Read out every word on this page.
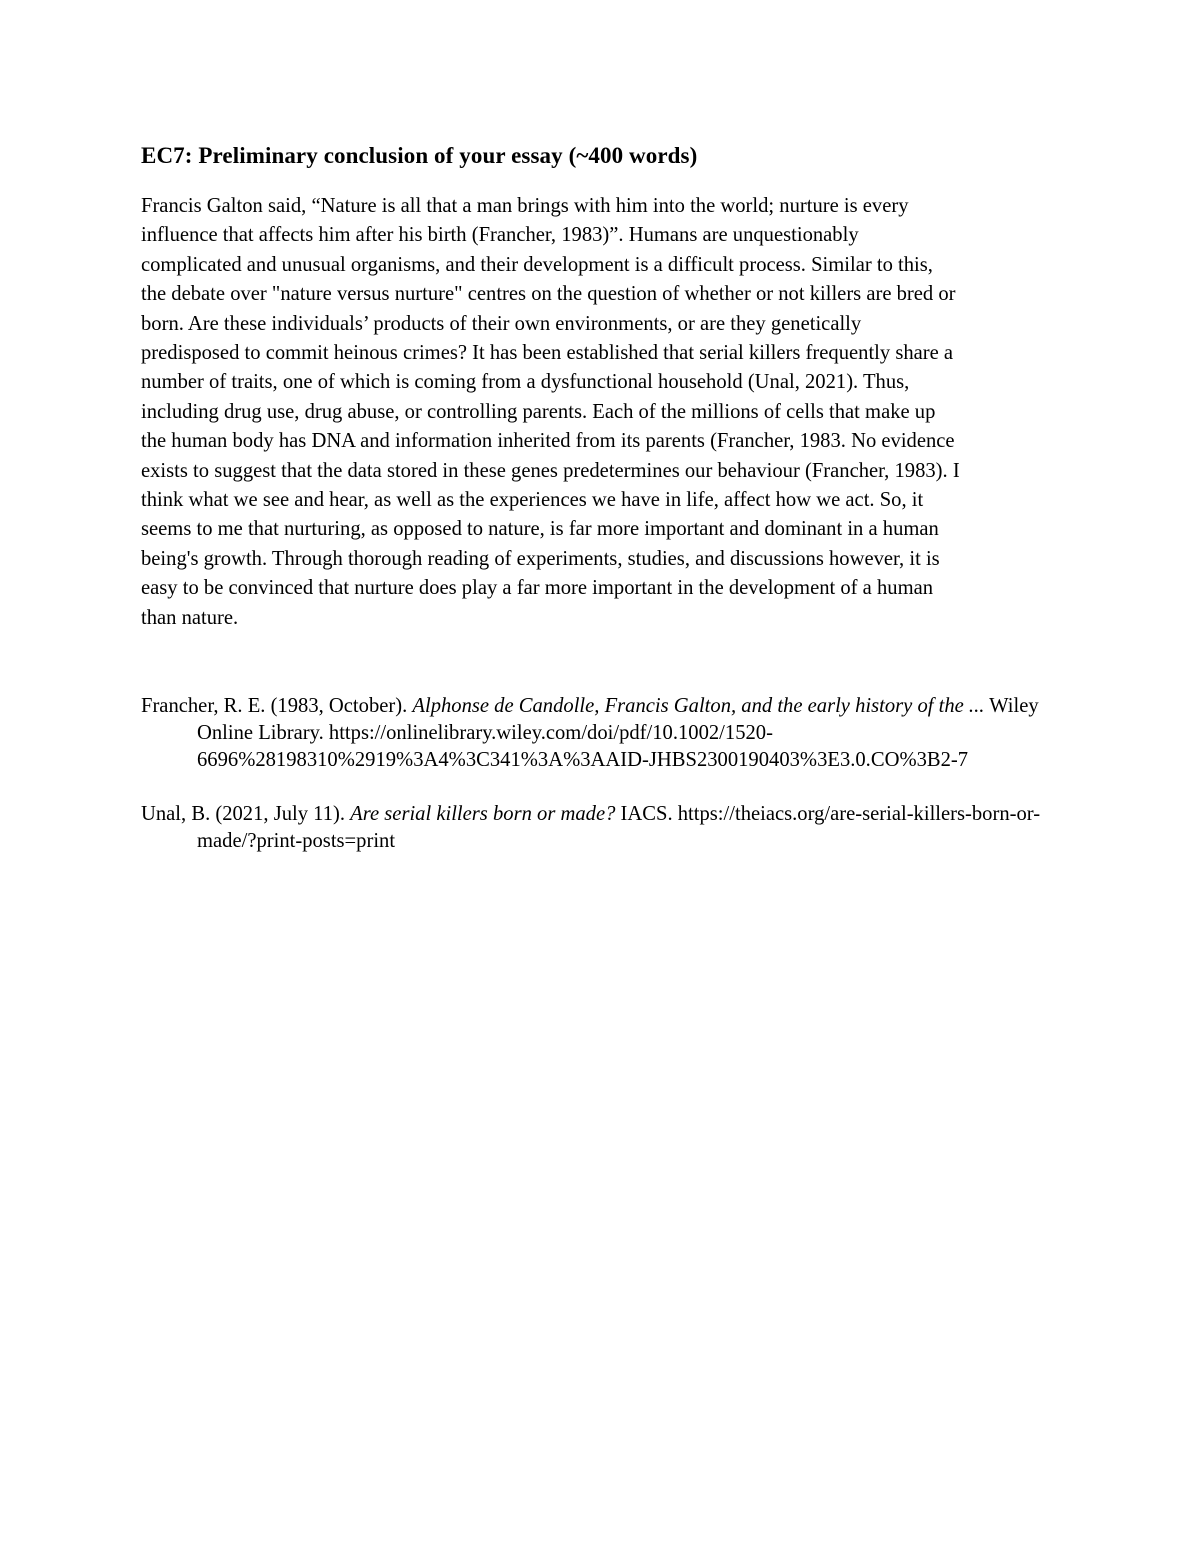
EC7: Preliminary conclusion of your essay (~400 words)

Francis Galton said, “Nature is all that a man brings with him into the world; nurture is every
influence that affects him after his birth (Francher, 1983)”. Humans are unquestionably
complicated and unusual organisms, and their development is a difficult process. Similar to this,
the debate over "nature versus nurture" centres on the question of whether or not killers are bred or
born. Are these individuals’ products of their own environments, or are they genetically
predisposed to commit heinous crimes? It has been established that serial killers frequently share a
number of traits, one of which is coming from a dysfunctional household (Unal, 2021). Thus,
including drug use, drug abuse, or controlling parents. Each of the millions of cells that make up
the human body has DNA and information inherited from its parents (Francher, 1983. No evidence
exists to suggest that the data stored in these genes predetermines our behaviour (Francher, 1983). I
think what we see and hear, as well as the experiences we have in life, affect how we act. So, it
seems to me that nurturing, as opposed to nature, is far more important and dominant in a human
being's growth. Through thorough reading of experiments, studies, and discussions however, it is
easy to be convinced that nurture does play a far more important in the development of a human
than nature.

Francher, R. E. (1983, October). Alphonse de Candolle, Francis Galton, and the early history of the ... Wiley Online Library. https://onlinelibrary.wiley.com/doi/pdf/10.1002/1520-6696%28198310%2919%3A4%3C341%3A%3AAID-JHBS2300190403%3E3.0.CO%3B2-7

Unal, B. (2021, July 11). Are serial killers born or made? IACS. https://theiacs.org/are-serial-killers-born-or-made/?print-posts=print
